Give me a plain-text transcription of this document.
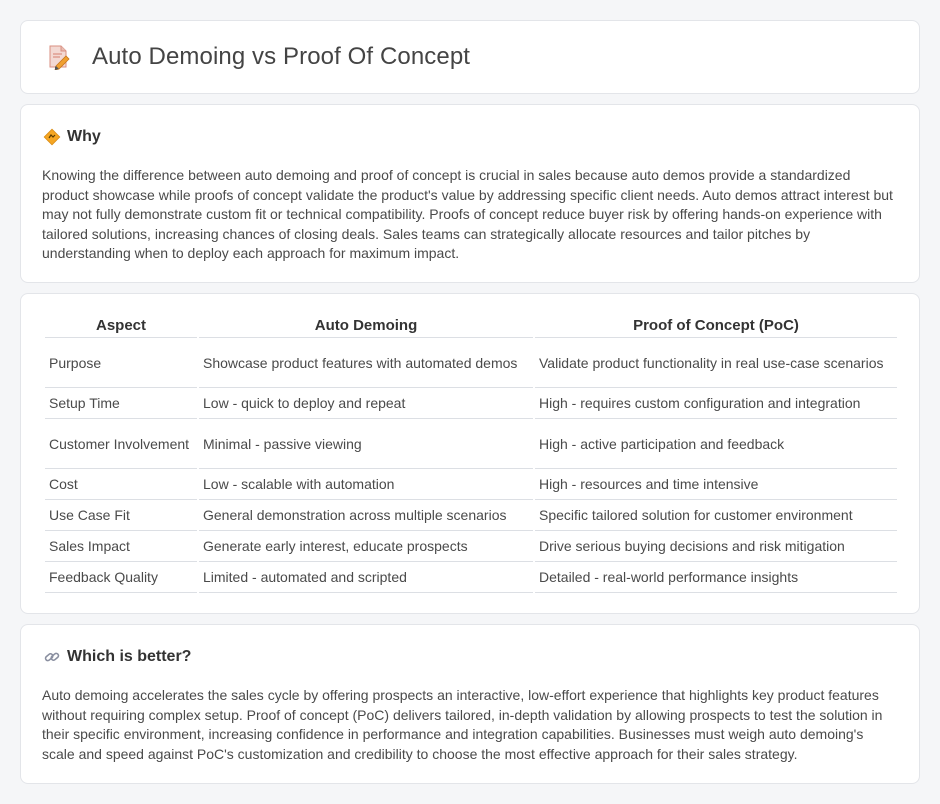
Auto Demoing vs Proof Of Concept
Why

Knowing the difference between auto demoing and proof of concept is crucial in sales because auto demos provide a standardized product showcase while proofs of concept validate the product's value by addressing specific client needs. Auto demos attract interest but may not fully demonstrate custom fit or technical compatibility. Proofs of concept reduce buyer risk by offering hands-on experience with tailored solutions, increasing chances of closing deals. Sales teams can strategically allocate resources and tailor pitches by understanding when to deploy each approach for maximum impact.

Aspect	Auto Demoing	Proof of Concept (PoC)
Purpose	Showcase product features with automated demos	Validate product functionality in real use-case scenarios
Setup Time	Low - quick to deploy and repeat	High - requires custom configuration and integration
Customer Involvement	Minimal - passive viewing	High - active participation and feedback
Cost	Low - scalable with automation	High - resources and time intensive
Use Case Fit	General demonstration across multiple scenarios	Specific tailored solution for customer environment
Sales Impact	Generate early interest, educate prospects	Drive serious buying decisions and risk mitigation
Feedback Quality	Limited - automated and scripted	Detailed - real-world performance insights
Which is better?

Auto demoing accelerates the sales cycle by offering prospects an interactive, low-effort experience that highlights key product features without requiring complex setup. Proof of concept (PoC) delivers tailored, in-depth validation by allowing prospects to test the solution in their specific environment, increasing confidence in performance and integration capabilities. Businesses must weigh auto demoing's scale and speed against PoC's customization and credibility to choose the most effective approach for their sales strategy.
